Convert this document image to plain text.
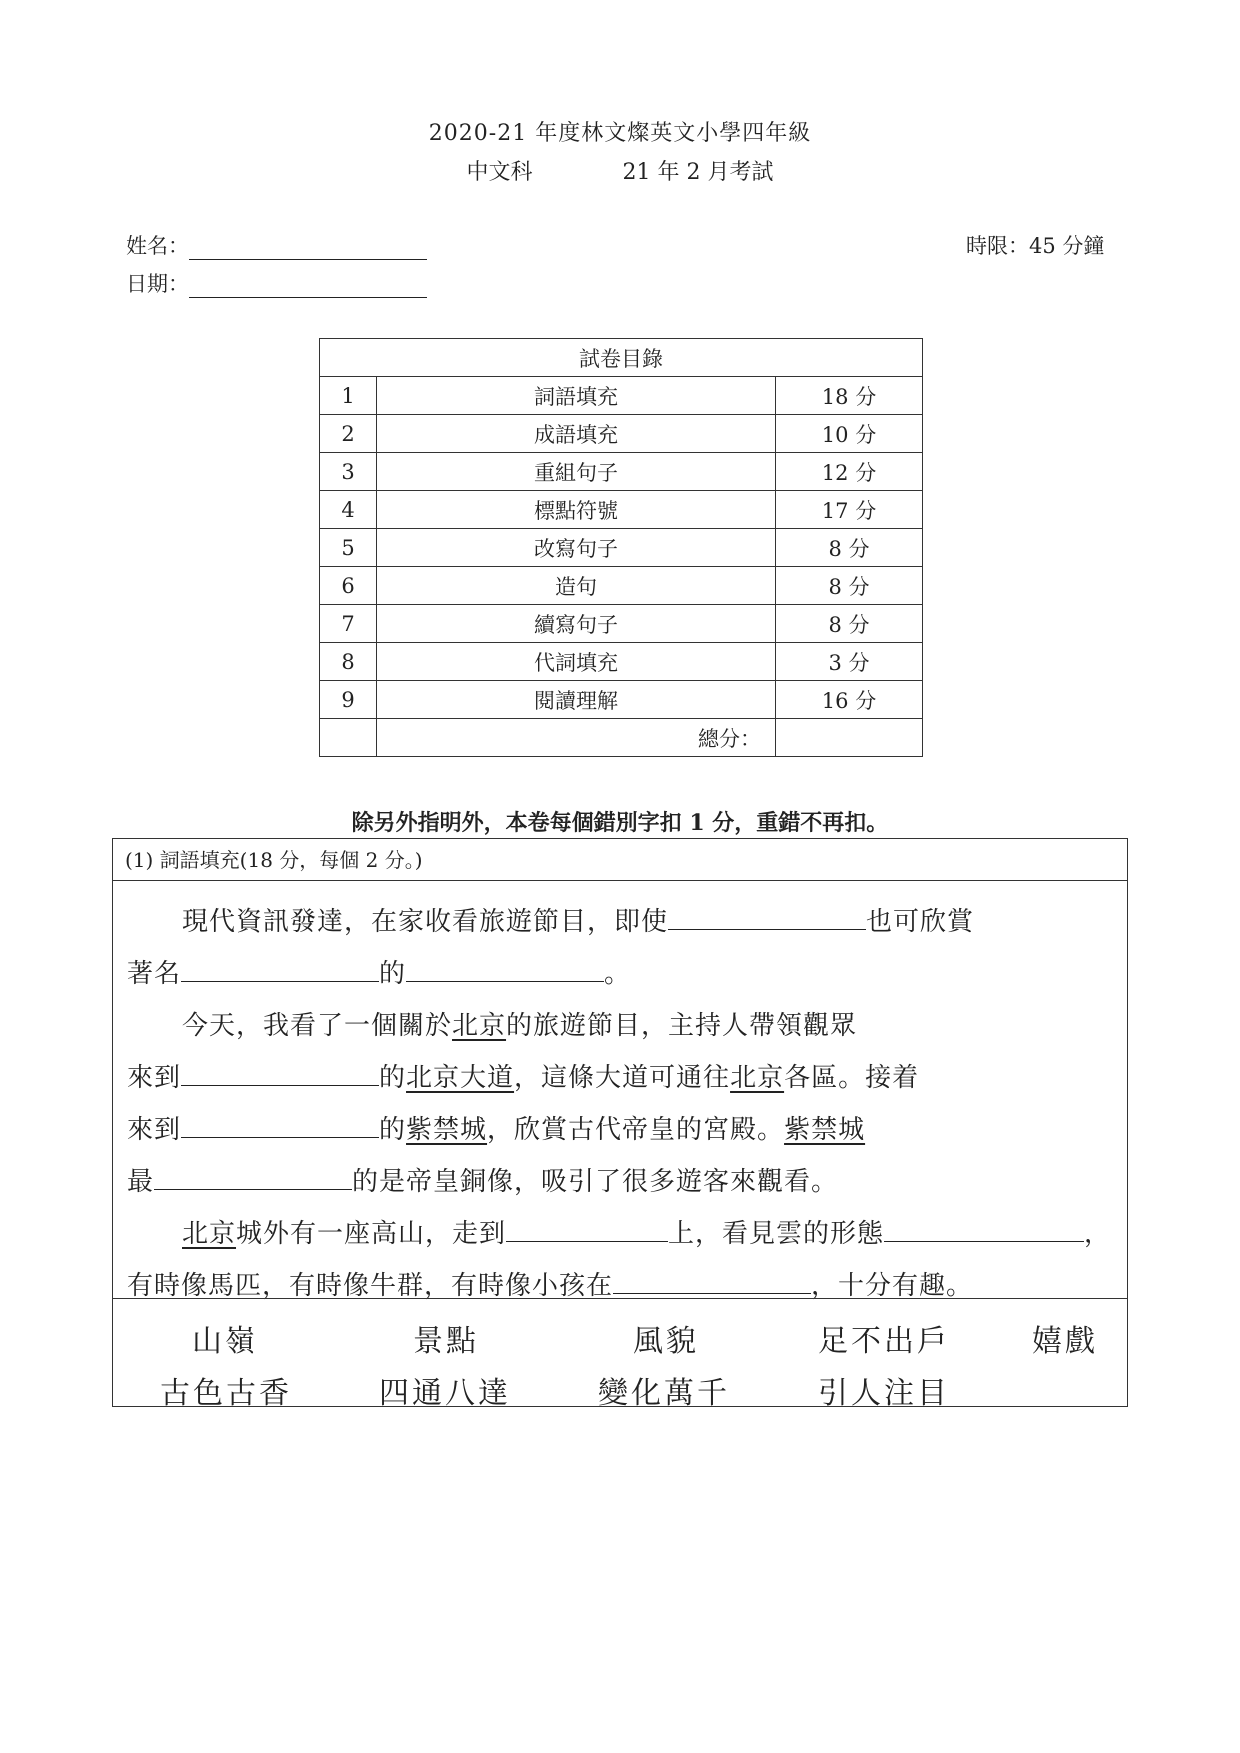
2020-21 年度林文燦英文小學四年級
中文科	21 年 2 月考試
姓名：
日期：
時限：45 分鐘
試卷目錄		
1	詞語填充	18 分
2	成語填充	10 分
3	重組句子	12 分
4	標點符號	17 分
5	改寫句子	8 分
6	造句	8 分
7	續寫句子	8 分
8	代詞填充	3 分
9	閱讀理解	16 分
	總分：	
除另外指明外，本卷每個錯別字扣 1 分，重錯不再扣。
(1) 詞語填充(18 分，每個 2 分。)
現代資訊發達，在家收看旅遊節目，即使	也可欣賞
著名	的	。
今天，我看了一個關於北京的旅遊節目，主持人帶領觀眾
來到	的北京大道，這條大道可通往北京各區。接着
來到	的紫禁城，欣賞古代帝皇的宮殿。紫禁城
最	的是帝皇銅像，吸引了很多遊客來觀看。
北京城外有一座高山，走到	上，看見雲的形態	，
有時像馬匹，有時像牛群，有時像小孩在	，十分有趣。
山嶺	景點	風貌	足不出戶	嬉戲
古色古香	四通八達	變化萬千	引人注目
